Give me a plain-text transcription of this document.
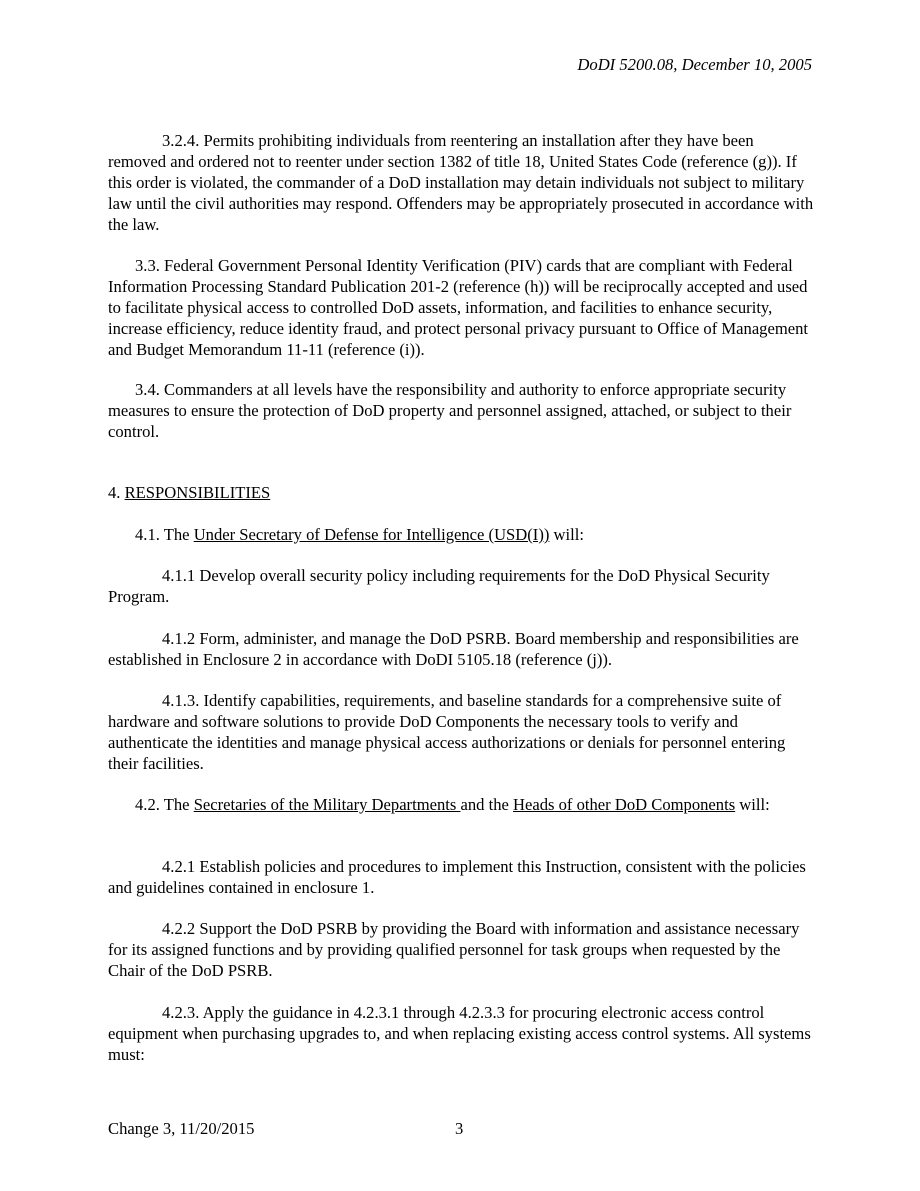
DoDI 5200.08, December 10, 2005

3.2.4. Permits prohibiting individuals from reentering an installation after they have been removed and ordered not to reenter under section 1382 of title 18, United States Code (reference (g)). If this order is violated, the commander of a DoD installation may detain individuals not subject to military law until the civil authorities may respond. Offenders may be appropriately prosecuted in accordance with the law.

3.3. Federal Government Personal Identity Verification (PIV) cards that are compliant with Federal Information Processing Standard Publication 201-2 (reference (h)) will be reciprocally accepted and used to facilitate physical access to controlled DoD assets, information, and facilities to enhance security, increase efficiency, reduce identity fraud, and protect personal privacy pursuant to Office of Management and Budget Memorandum 11-11 (reference (i)).

3.4. Commanders at all levels have the responsibility and authority to enforce appropriate security measures to ensure the protection of DoD property and personnel assigned, attached, or subject to their control.

4. RESPONSIBILITIES

4.1. The Under Secretary of Defense for Intelligence (USD(I)) will:

4.1.1 Develop overall security policy including requirements for the DoD Physical Security Program.

4.1.2 Form, administer, and manage the DoD PSRB. Board membership and responsibilities are established in Enclosure 2 in accordance with DoDI 5105.18 (reference (j)).

4.1.3. Identify capabilities, requirements, and baseline standards for a comprehensive suite of hardware and software solutions to provide DoD Components the necessary tools to verify and authenticate the identities and manage physical access authorizations or denials for personnel entering their facilities.

4.2. The Secretaries of the Military Departments and the Heads of other DoD Components will:

4.2.1 Establish policies and procedures to implement this Instruction, consistent with the policies and guidelines contained in enclosure 1.

4.2.2 Support the DoD PSRB by providing the Board with information and assistance necessary for its assigned functions and by providing qualified personnel for task groups when requested by the Chair of the DoD PSRB.

4.2.3. Apply the guidance in 4.2.3.1 through 4.2.3.3 for procuring electronic access control equipment when purchasing upgrades to, and when replacing existing access control systems. All systems must:

Change 3, 11/20/2015	3
